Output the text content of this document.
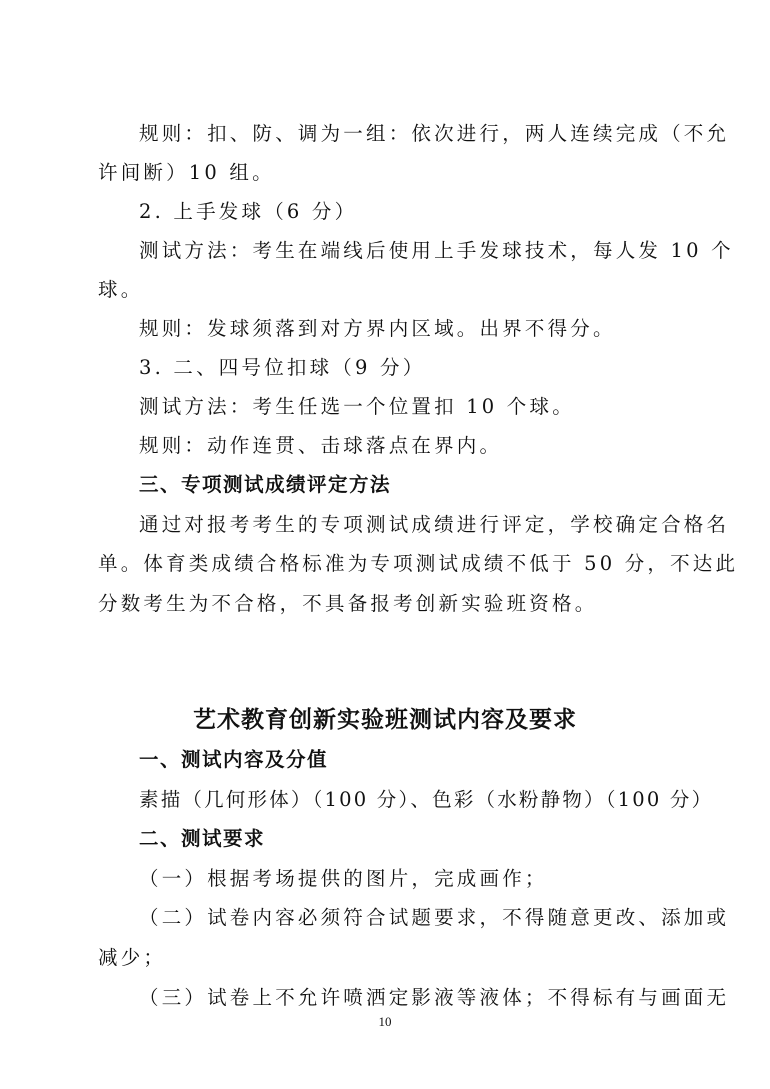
规则：扣、防、调为一组：依次进行，两人连续完成（不允
许间断）10 组。
2. 上手发球（6 分）
测试方法：考生在端线后使用上手发球技术，每人发 10 个
球。
规则：发球须落到对方界内区域。出界不得分。
3. 二、四号位扣球（9 分）
测试方法：考生任选一个位置扣 10 个球。
规则：动作连贯、击球落点在界内。
三、专项测试成绩评定方法
通过对报考考生的专项测试成绩进行评定，学校确定合格名
单。体育类成绩合格标准为专项测试成绩不低于 50 分，不达此
分数考生为不合格，不具备报考创新实验班资格。
艺术教育创新实验班测试内容及要求
一、测试内容及分值
素描（几何形体）（100 分）、色彩（水粉静物）（100 分）
二、测试要求
（一）根据考场提供的图片，完成画作；
（二）试卷内容必须符合试题要求，不得随意更改、添加或
减少；
（三）试卷上不允许喷洒定影液等液体；不得标有与画面无
10
